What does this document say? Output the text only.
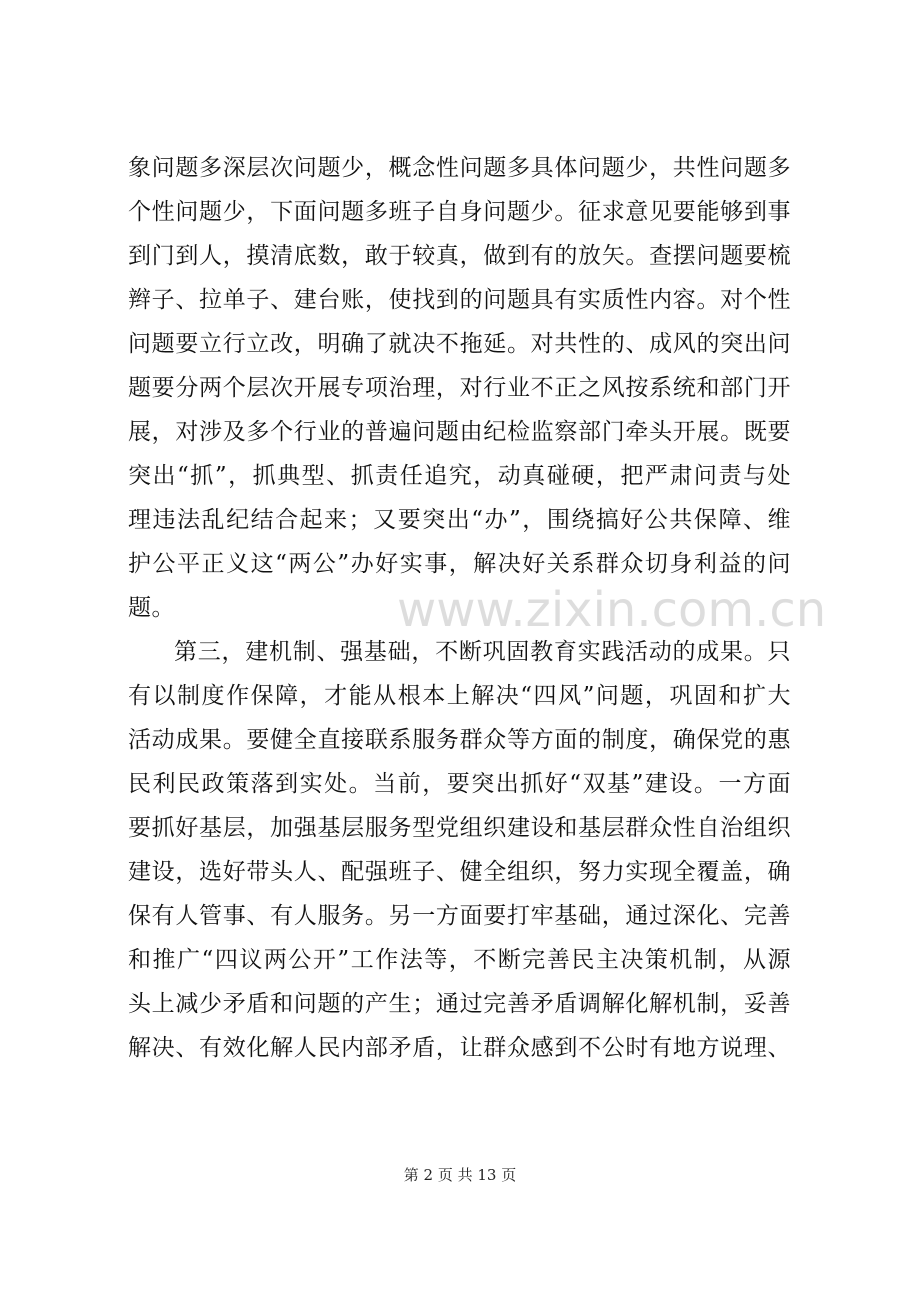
象问题多深层次问题少，概念性问题多具体问题少，共性问题多
个性问题少，下面问题多班子自身问题少。征求意见要能够到事
到门到人，摸清底数，敢于较真，做到有的放矢。查摆问题要梳
辫子、拉单子、建台账，使找到的问题具有实质性内容。对个性
问题要立行立改，明确了就决不拖延。对共性的、成风的突出问
题要分两个层次开展专项治理，对行业不正之风按系统和部门开
展，对涉及多个行业的普遍问题由纪检监察部门牵头开展。既要
突出“抓”，抓典型、抓责任追究，动真碰硬，把严肃问责与处
理违法乱纪结合起来；又要突出“办”，围绕搞好公共保障、维
护公平正义这“两公”办好实事，解决好关系群众切身利益的问
题。
第三，建机制、强基础，不断巩固教育实践活动的成果。只
有以制度作保障，才能从根本上解决“四风”问题，巩固和扩大
活动成果。要健全直接联系服务群众等方面的制度，确保党的惠
民利民政策落到实处。当前，要突出抓好“双基”建设。一方面
要抓好基层，加强基层服务型党组织建设和基层群众性自治组织
建设，选好带头人、配强班子、健全组织，努力实现全覆盖，确
保有人管事、有人服务。另一方面要打牢基础，通过深化、完善
和推广“四议两公开”工作法等，不断完善民主决策机制，从源
头上减少矛盾和问题的产生；通过完善矛盾调解化解机制，妥善
解决、有效化解人民内部矛盾，让群众感到不公时有地方说理、
www.zixin.com.cn
第 2 页 共 13 页
